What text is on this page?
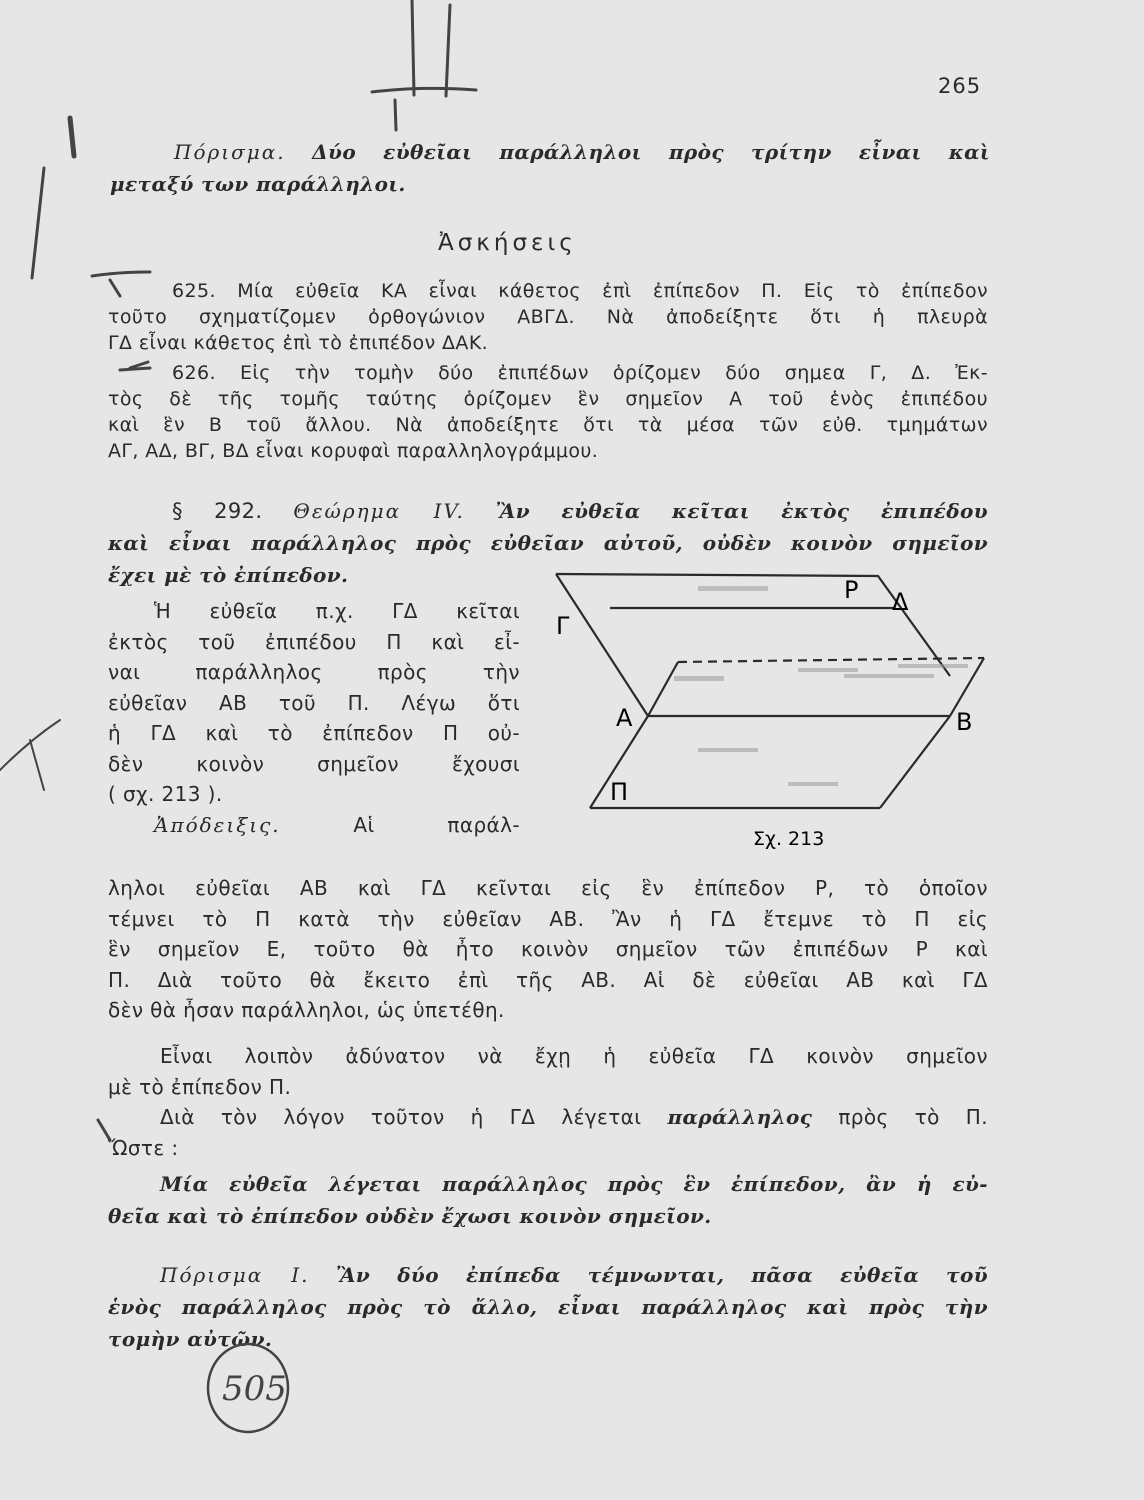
265
Πόρισμα. Δύο εὐθεῖαι παράλληλοι πρὸς τρίτην εἶναι καὶ
μεταξύ των παράλληλοι.
Ἀσκήσεις
625. Μία εὐθεῖα ΚΑ εἶναι κάθετος ἐπὶ ἐπίπεδον Π. Εἰς τὸ ἐπίπεδον
τοῦτο σχηματίζομεν ὀρθογώνιον ΑΒΓΔ. Νὰ ἀποδείξητε ὅτι ἡ πλευρὰ
ΓΔ εἶναι κάθετος ἐπὶ τὸ ἐπιπέδον ΔΑΚ.
626. Εἰς τὴν τομὴν δύο ἐπιπέδων ὁρίζομεν δύο σημεα Γ, Δ. Ἐκ-
τὸς δὲ τῆς τομῆς ταύτης ὁρίζομεν ἓν σημεῖον Α τοῦ ἑνὸς ἐπιπέδου
καὶ ἓν Β τοῦ ἄλλου. Νὰ ἀποδείξητε ὅτι τὰ μέσα τῶν εὐθ. τμημάτων
ΑΓ, ΑΔ, ΒΓ, ΒΔ εἶναι κορυφαὶ παραλληλογράμμου.
§ 292. Θεώρημα IV. Ἂν εὐθεῖα κεῖται ἐκτὸς ἐπιπέδου
καὶ εἶναι παράλληλος πρὸς εὐθεῖαν αὐτοῦ, οὐδὲν κοινὸν σημεῖον
ἔχει μὲ τὸ ἐπίπεδον.
Ἡ εὐθεῖα π.χ. ΓΔ κεῖται
ἐκτὸς τοῦ ἐπιπέδου Π καὶ εἶ-
ναι παράλληλος πρὸς τὴν
εὐθεῖαν ΑΒ τοῦ Π. Λέγω ὅτι
ἡ ΓΔ καὶ τὸ ἐπίπεδον Π οὐ-
δὲν κοινὸν σημεῖον ἔχουσι
( σχ. 213 ).
Ἀπόδειξις.	Αἱ παράλ-
Ρ Δ
Γ
Α	Β
Π
Σχ. 213
ληλοι εὐθεῖαι ΑΒ καὶ ΓΔ κεῖνται εἰς ἓν ἐπίπεδον Ρ, τὸ ὁποῖον
τέμνει τὸ Π κατὰ τὴν εὐθεῖαν ΑΒ. Ἂν ἡ ΓΔ ἔτεμνε τὸ Π εἰς
ἓν σημεῖον Ε, τοῦτο θὰ ἦτο κοινὸν σημεῖον τῶν ἐπιπέδων Ρ καὶ
Π. Διὰ τοῦτο θὰ ἔκειτο ἐπὶ τῆς ΑΒ. Αἱ δὲ εὐθεῖαι ΑΒ καὶ ΓΔ
δὲν θὰ ἦσαν παράλληλοι, ὡς ὑπετέθη.
Εἶναι λοιπὸν ἀδύνατον νὰ ἔχῃ ἡ εὐθεῖα ΓΔ κοινὸν σημεῖον
μὲ τὸ ἐπίπεδον Π.
Διὰ τὸν λόγον τοῦτον ἡ ΓΔ λέγεται παράλληλος πρὸς τὸ Π.
Ὥστε :
Μία εὐθεῖα λέγεται παράλληλος πρὸς ἓν ἐπίπεδον, ἂν ἡ εὐ-
θεῖα καὶ τὸ ἐπίπεδον οὐδὲν ἔχωσι κοινὸν σημεῖον.
Πόρισμα I. Ἂν δύο ἐπίπεδα τέμνωνται, πᾶσα εὐθεῖα τοῦ
ἑνὸς παράλληλος πρὸς τὸ ἄλλο, εἶναι παράλληλος καὶ πρὸς τὴν
τομὴν αὐτῶν.
505
